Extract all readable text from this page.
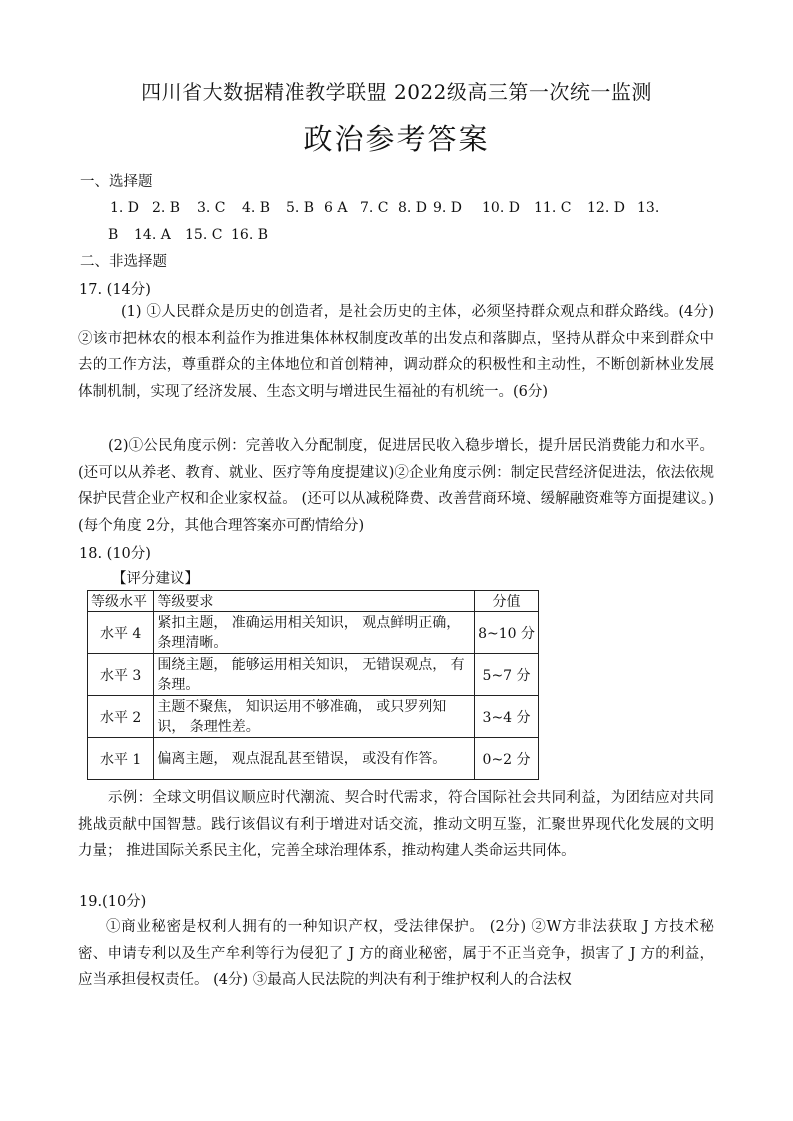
四川省大数据精准教学联盟 2022级高三第一次统一监测
政治参考答案
一、选择题
1. D 2. B 3. C 4. B 5. B 6 A 7. C 8. D 9. D 10. D 11. C 12. D 13.
B 14. A 15. C 16. B
二、非选择题
17. (14分)
(1) ①人民群众是历史的创造者，是社会历史的主体，必须坚持群众观点和群众路线。(4分) ②该市把林农的根本利益作为推进集体林权制度改革的出发点和落脚点，坚持从群众中来到群众中去的工作方法，尊重群众的主体地位和首创精神，调动群众的积极性和主动性，不断创新林业发展体制机制，实现了经济发展、生态文明与增进民生福祉的有机统一。(6分)
(2)①公民角度示例：完善收入分配制度，促进居民收入稳步增长，提升居民消费能力和水平。 (还可以从养老、教育、就业、医疗等角度提建议)②企业角度示例：制定民营经济促进法，依法依规保护民营企业产权和企业家权益。 (还可以从减税降费、改善营商环境、缓解融资难等方面提建议。) (每个角度 2分，其他合理答案亦可酌情给分)
18. (10分)
【评分建议】
等级水平	等级要求	分值
水平 4	紧扣主题， 准确运用相关知识， 观点鲜明正确， 条理清晰。	8~10 分
水平 3	围绕主题， 能够运用相关知识， 无错误观点， 有条理。	5~7 分
水平 2	主题不聚焦， 知识运用不够准确， 或只罗列知识， 条理性差。	3~4 分
水平 1	偏离主题， 观点混乱甚至错误， 或没有作答。	0~2 分
示例：全球文明倡议顺应时代潮流、契合时代需求，符合国际社会共同利益，为团结应对共同挑战贡献中国智慧。践行该倡议有利于增进对话交流，推动文明互鉴，汇聚世界现代化发展的文明力量； 推进国际关系民主化，完善全球治理体系，推动构建人类命运共同体。
19.(10分)
①商业秘密是权利人拥有的一种知识产权，受法律保护。 (2分) ②W方非法获取 J 方技术秘密、申请专利以及生产牟利等行为侵犯了 J 方的商业秘密，属于不正当竞争，损害了 J 方的利益，应当承担侵权责任。 (4分) ③最高人民法院的判决有利于维护权利人的合法权
